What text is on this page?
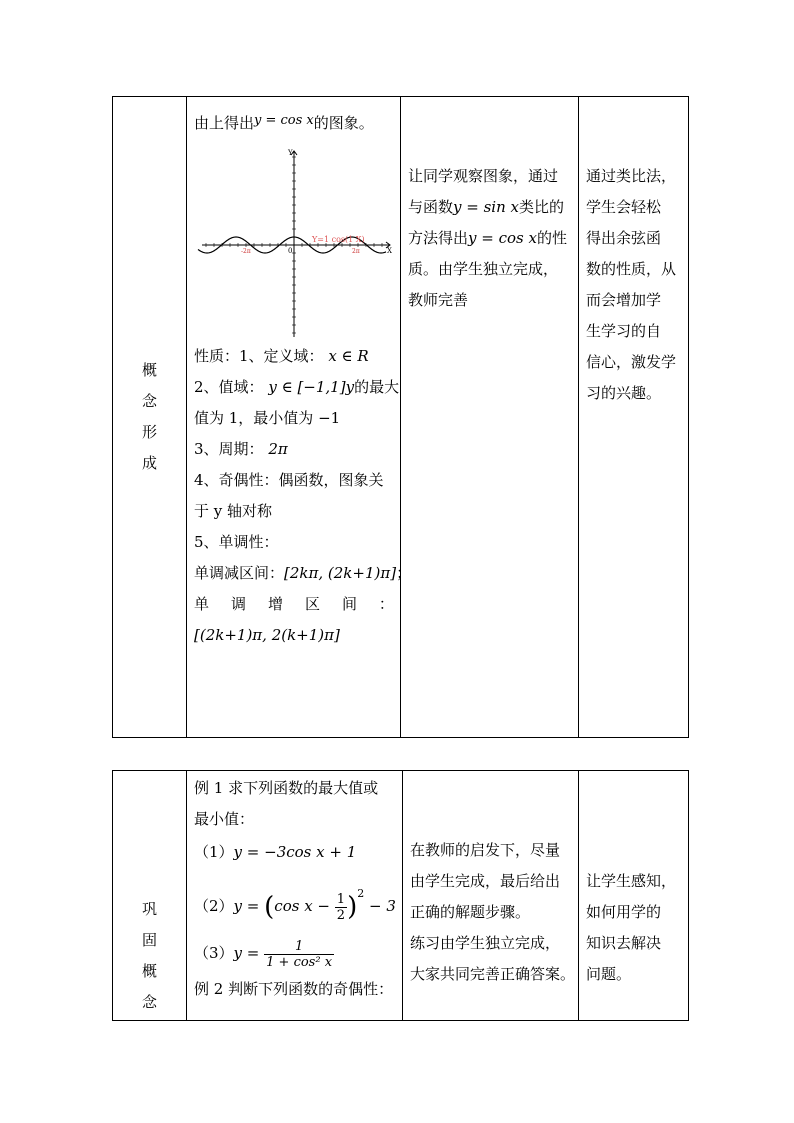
概
念
形
成

由上得出y = cos x的图象。
Y
X
0
-2π	2π
Y=1 cos(1 X)
性质：1、定义域： x ∈ R
2、值域： y ∈ [−1,1]y的最大
值为 1，最小值为 −1
3、周期： 2π
4、奇偶性：偶函数，图象关
于 y 轴对称
5、单调性：
单调减区间：[2kπ, (2k+1)π]；
单 调 增 区 间 ：
[(2k+1)π, 2(k+1)π]

让同学观察图象，通过
与函数y = sin x类比的
方法得出y = cos x的性
质。由学生独立完成，
教师完善

通过类比法，
学生会轻松
得出余弦函
数的性质，从
而会增加学
生学习的自
信心，激发学
习的兴趣。
巩
固
概
念

例 1 求下列函数的最大值或
最小值：
（1）y = −3cos x + 1
（2）y = (cos $x - \frac{1}{2} )^2 - 3$
$(3)y = \frac{1}{\text{1 + cos² x}}$
例 2 判断下列函数的奇偶性：

在教师的启发下，尽量
由学生完成，最后给出
正确的解题步骤。
练习由学生独立完成，
大家共同完善正确答案。

让学生感知，
如何用学的
知识去解决
问题。
